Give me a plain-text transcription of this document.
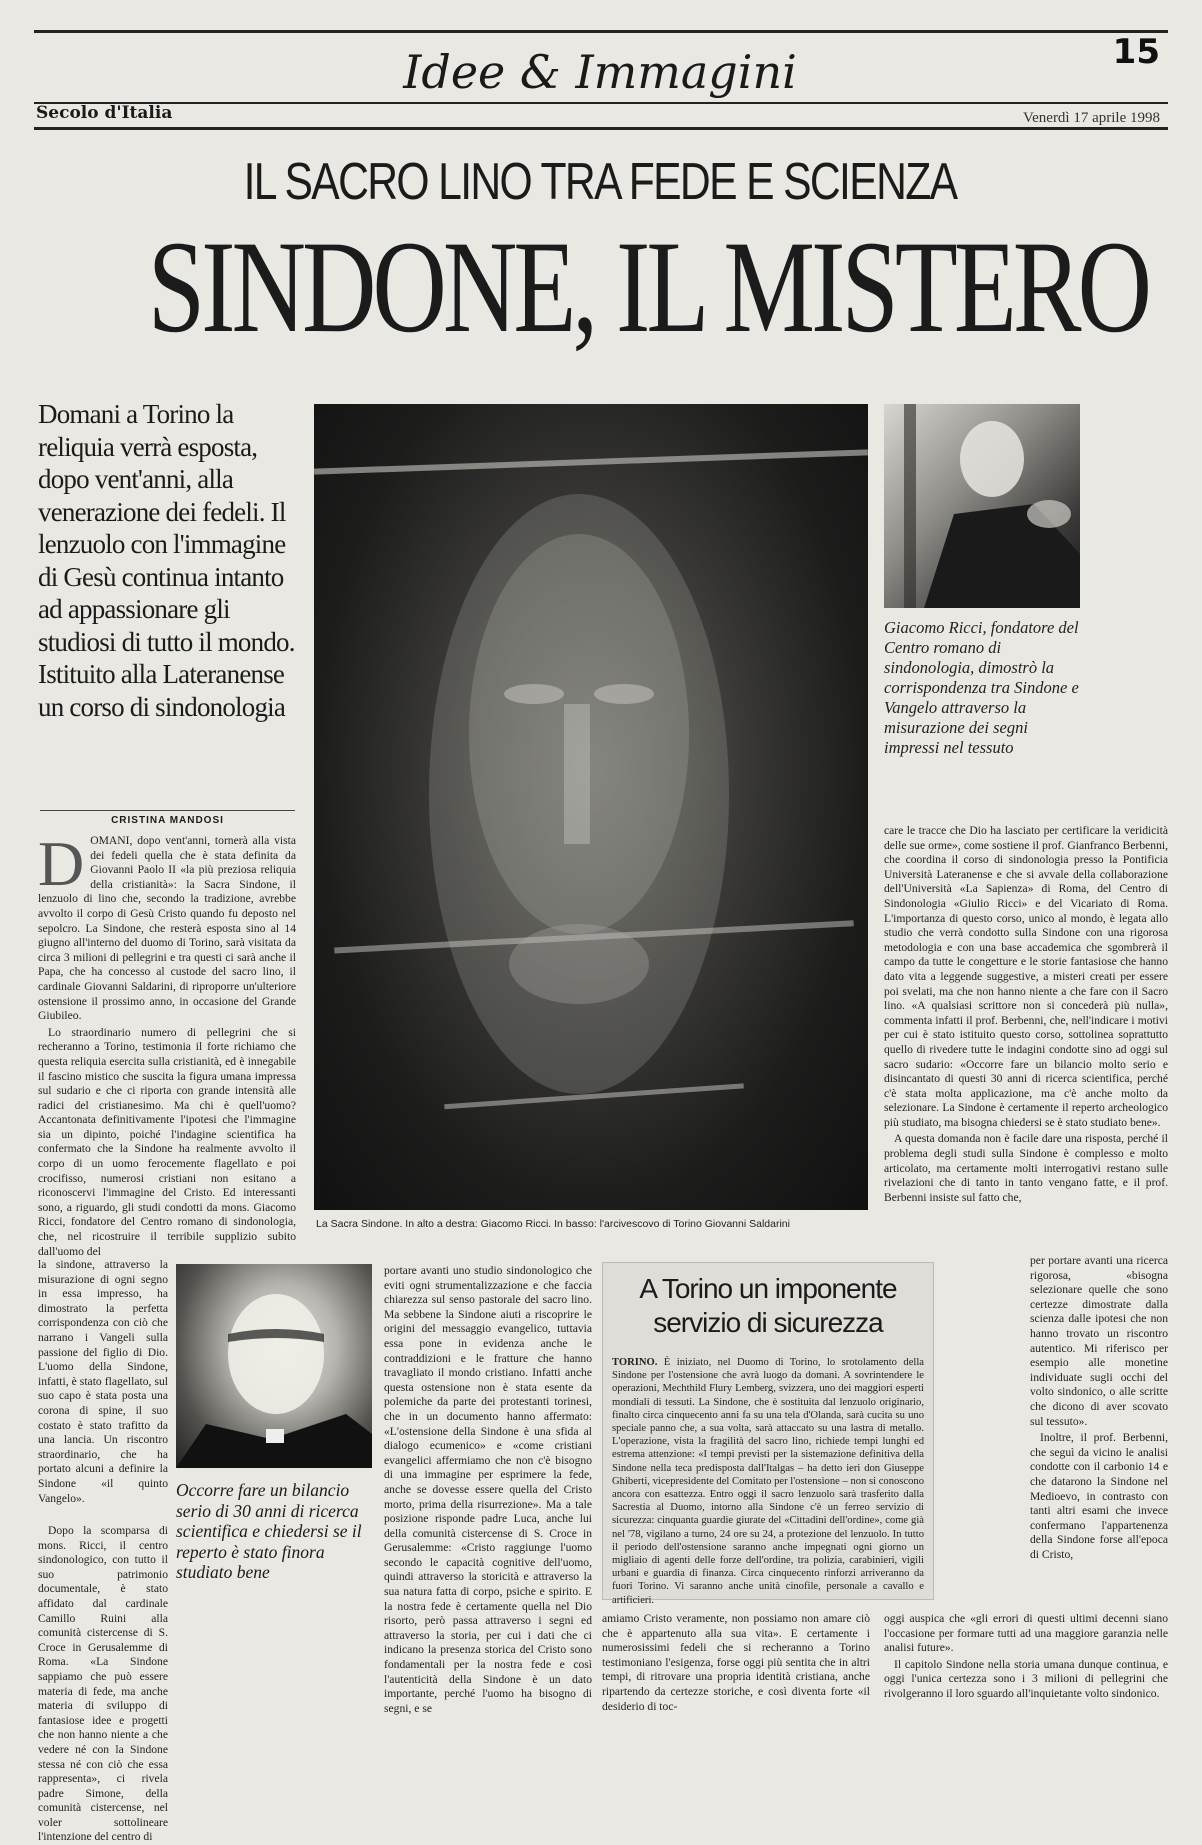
Idee & Immagini	15
Secolo d'Italia	Venerdì 17 aprile 1998
IL SACRO LINO TRA FEDE E SCIENZA
SINDONE, IL MISTERO
Domani a Torino la reliquia verrà esposta, dopo vent'anni, alla venerazione dei fedeli. Il lenzuolo con l'immagine di Gesù continua intanto ad appassionare gli studiosi di tutto il mondo. Istituito alla Lateranense un corso di sindonologia
CRISTINA MANDOSI

DOMANI, dopo vent'anni, tornerà alla vista dei fedeli quella che è stata definita da Giovanni Paolo II «la più preziosa reliquia della cristianità»: la Sacra Sindone, il lenzuolo di lino che, secondo la tradizione, avrebbe avvolto il corpo di Gesù Cristo quando fu deposto nel sepolcro. La Sindone, che resterà esposta sino al 14 giugno all'interno del duomo di Torino, sarà visitata da circa 3 milioni di pellegrini e tra questi ci sarà anche il Papa, che ha concesso al custode del sacro lino, il cardinale Giovanni Saldarini, di riproporre un'ulteriore ostensione il prossimo anno, in occasione del Grande Giubileo.

Lo straordinario numero di pellegrini che si recheranno a Torino, testimonia il forte richiamo che questa reliquia esercita sulla cristianità, ed è innegabile il fascino mistico che suscita la figura umana impressa sul sudario e che ci riporta con grande intensità alle radici del cristianesimo. Ma chi è quell'uomo? Accantonata definitivamente l'ipotesi che l'immagine sia un dipinto, poiché l'indagine scientifica ha confermato che la Sindone ha realmente avvolto il corpo di un uomo ferocemente flagellato e poi crocifisso, numerosi cristiani non esitano a riconoscervi l'immagine del Cristo. Ed interessanti sono, a riguardo, gli studi condotti da mons. Giacomo Ricci, fondatore del Centro romano di sindonologia, che, nel ricostruire il terribile supplizio subito dall'uomo del

la sindone, attraverso la misurazione di ogni segno in essa impresso, ha dimostrato la perfetta corrispondenza con ciò che narrano i Vangeli sulla passione del figlio di Dio. L'uomo della Sindone, infatti, è stato flagellato, sul suo capo è stata posta una corona di spine, il suo costato è stato trafitto da una lancia. Un riscontro straordinario, che ha portato alcuni a definire la Sindone «il quinto Vangelo».

Dopo la scomparsa di mons. Ricci, il centro sindonologico, con tutto il suo patrimonio documentale, è stato affidato dal cardinale Camillo Ruini alla comunità cistercense di S. Croce in Gerusalemme di Roma. «La Sindone sappiamo che può essere materia di fede, ma anche materia di sviluppo di fantasiose idee e progetti che non hanno niente a che vedere né con la Sindone stessa né con ciò che essa rappresenta», ci rivela padre Simone, della comunità cistercense, nel voler sottolineare l'intenzione del centro di

La Sacra Sindone. In alto a destra: Giacomo Ricci. In basso: l'arcivescovo di Torino Giovanni Saldarini
Giacomo Ricci, fondatore del Centro romano di sindonologia, dimostrò la corrispondenza tra Sindone e Vangelo attraverso la misurazione dei segni impressi nel tessuto

care le tracce che Dio ha lasciato per certificare la veridicità delle sue orme», come sostiene il prof. Gianfranco Berbenni, che coordina il corso di sindonologia presso la Pontificia Università Lateranense e che si avvale della collaborazione dell'Università «La Sapienza» di Roma, del Centro di Sindonologia «Giulio Ricci» e del Vicariato di Roma. L'importanza di questo corso, unico al mondo, è legata allo studio che verrà condotto sulla Sindone con una rigorosa metodologia e con una base accademica che sgombrerà il campo da tutte le congetture e le storie fantasiose che hanno dato vita a leggende suggestive, a misteri creati per essere poi svelati, ma che non hanno niente a che fare con il Sacro lino. «A qualsiasi scrittore non si concederà più nulla», commenta infatti il prof. Berbenni, che, nell'indicare i motivi per cui è stato istituito questo corso, sottolinea soprattutto quello di rivedere tutte le indagini condotte sino ad oggi sul sacro sudario: «Occorre fare un bilancio molto serio e disincantato di questi 30 anni di ricerca scientifica, perché c'è stata molta applicazione, ma c'è anche molto da selezionare. La Sindone è certamente il reperto archeologico più studiato, ma bisogna chiedersi se è stato studiato bene».

A questa domanda non è facile dare una risposta, perché il problema degli studi sulla Sindone è complesso e molto articolato, ma certamente molti interrogativi restano sulle rivelazioni che di tanto in tanto vengano fatte, e il prof. Berbenni insiste sul fatto che,

Occorre fare un bilancio serio di 30 anni di ricerca scientifica e chiedersi se il reperto è stato finora studiato bene

portare avanti uno studio sindonologico che eviti ogni strumentalizzazione e che faccia chiarezza sul senso pastorale del sacro lino. Ma sebbene la Sindone aiuti a riscoprire le origini del messaggio evangelico, tuttavia essa pone in evidenza anche le contraddizioni e le fratture che hanno travagliato il mondo cristiano. Infatti anche questa ostensione non è stata esente da polemiche da parte dei protestanti torinesi, che in un documento hanno affermato: «L'ostensione della Sindone è una sfida al dialogo ecumenico» e «come cristiani evangelici affermiamo che non c'è bisogno di una immagine per esprimere la fede, anche se dovesse essere quella del Cristo morto, prima della risurrezione». Ma a tale posizione risponde padre Luca, anche lui della comunità cistercense di S. Croce in Gerusalemme: «Cristo raggiunge l'uomo secondo le capacità cognitive dell'uomo, quindi attraverso la storicità e attraverso la sua natura fatta di corpo, psiche e spirito. E la nostra fede è certamente quella nel Dio risorto, però passa attraverso i segni ed attraverso la storia, per cui i dati che ci indicano la presenza storica del Cristo sono fondamentali per la nostra fede e così l'autenticità della Sindone è un dato importante, perché l'uomo ha bisogno di segni, e se

A Torino un imponente servizio di sicurezza

TORINO. È iniziato, nel Duomo di Torino, lo srotolamento della Sindone per l'ostensione che avrà luogo da domani. A sovrintendere le operazioni, Mechthild Flury Lemberg, svizzera, uno dei maggiori esperti mondiali di tessuti. La Sindone, che è sostituita dal lenzuolo originario, finalto circa cinquecento anni fa su una tela d'Olanda, sarà cucita su uno speciale panno che, a sua volta, sarà attaccato su una lastra di metallo. L'operazione, vista la fragilità del sacro lino, richiede tempi lunghi ed estrema attenzione: «I tempi previsti per la sistemazione definitiva della Sindone nella teca predisposta dall'Italgas – ha detto ieri don Giuseppe Ghiberti, vicepresidente del Comitato per l'ostensione – non si conoscono ancora con esattezza. Entro oggi il sacro lenzuolo sarà trasferito dalla Sacrestia al Duomo, intorno alla Sindone c'è un ferreo servizio di sicurezza: cinquanta guardie giurate del «Cittadini dell'ordine», come già nel '78, vigilano a turno, 24 ore su 24, a protezione del lenzuolo. In tutto il periodo dell'ostensione saranno anche impegnati ogni giorno un migliaio di agenti delle forze dell'ordine, tra polizia, carabinieri, vigili urbani e guardia di finanza. Circa cinquecento rinforzi arriveranno da fuori Torino. Vi saranno anche unità cinofile, personale a cavallo e artificieri.

amiamo Cristo veramente, non possiamo non amare ciò che è appartenuto alla sua vita». E certamente i numerosissimi fedeli che si recheranno a Torino testimoniano l'esigenza, forse oggi più sentita che in altri tempi, di ritrovare una propria identità cristiana, anche ripartendo da certezze storiche, e così diventa forte «il desiderio di toc-

per portare avanti una ricerca rigorosa, «bisogna selezionare quelle che sono certezze dimostrate dalla scienza dalle ipotesi che non hanno trovato un riscontro autentico. Mi riferisco per esempio alle monetine individuate sugli occhi del volto sindonico, o alle scritte che dicono di aver scovato sul tessuto».

Inoltre, il prof. Berbenni, che seguì da vicino le analisi condotte con il carbonio 14 e che datarono la Sindone nel Medioevo, in contrasto con tanti altri esami che invece confermano l'appartenenza della Sindone forse all'epoca di Cristo,

oggi auspica che «gli errori di questi ultimi decenni siano l'occasione per formare tutti ad una maggiore garanzia nelle analisi future».

Il capitolo Sindone nella storia umana dunque continua, e oggi l'unica certezza sono i 3 milioni di pellegrini che rivolgeranno il loro sguardo all'inquietante volto sindonico.
